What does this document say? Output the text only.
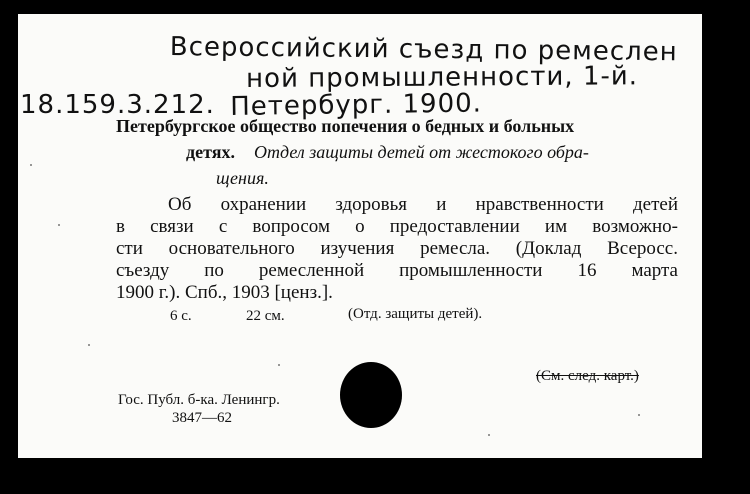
Всероссийский съезд по ремеслен
ной промышленности, 1-й.
18.159.3.212. Петербург. 1900.
Петербургское общество попечения о бедных и больных
детях. Отдел защиты детей от жестокого обра-
щения.
Об охранении здоровья и нравственности детей
в связи с вопросом о предоставлении им возможно-
сти основательного изучения ремесла. (Доклад Всеросс.
съезду по ремесленной промышленности 16 марта
1900 г.). Спб., 1903 [ценз.].
6 с.	22 см.	(Отд. защиты детей).
(См. след. карт.)
Гос. Публ. б-ка. Ленингр.
3847—62
